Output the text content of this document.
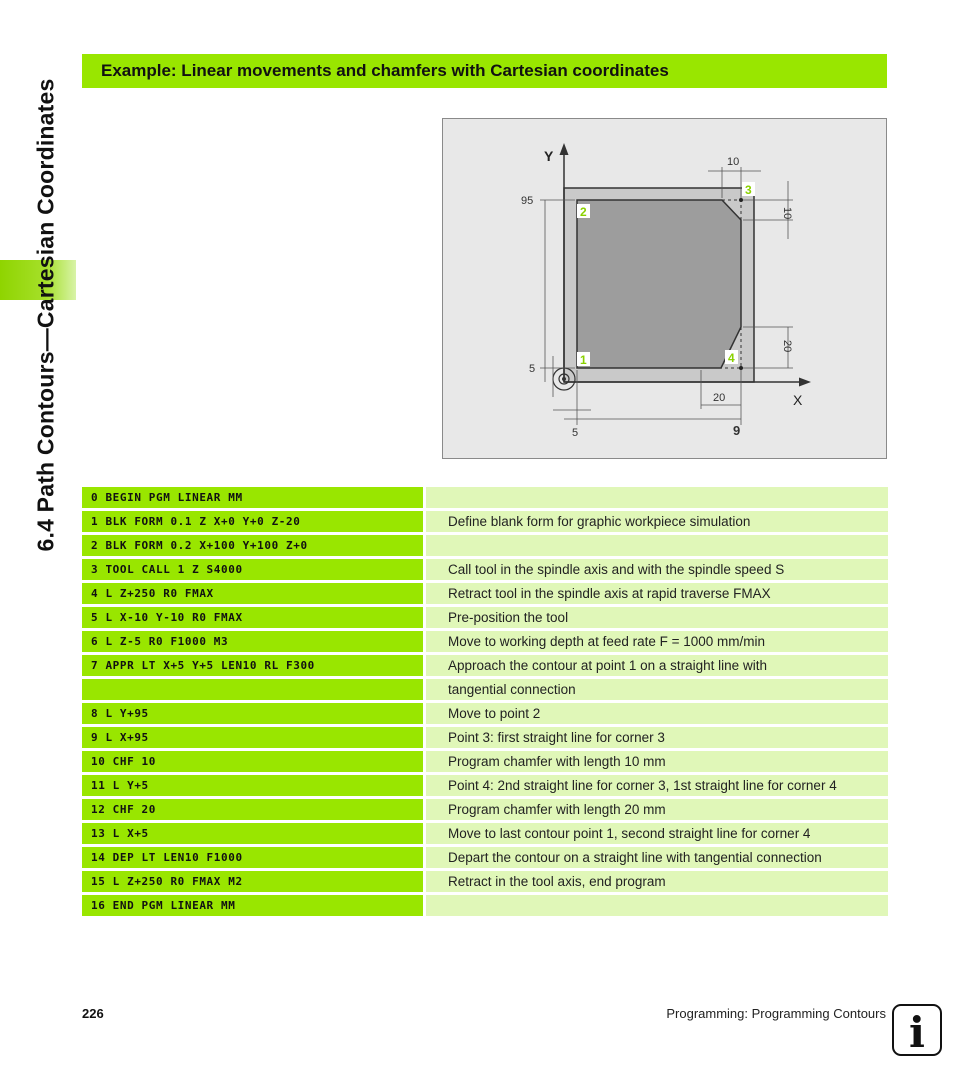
6.4 Path Contours—Cartesian Coordinates
Example: Linear movements and chamfers with Cartesian coordinates
10
10
20
20
95
5
5	9
Y
X
1
2
3
4
0 BEGIN PGM LINEAR MM	
1 BLK FORM 0.1 Z X+0 Y+0 Z-20	Define blank form for graphic workpiece simulation
2 BLK FORM 0.2 X+100 Y+100 Z+0	
3 TOOL CALL 1 Z S4000	Call tool in the spindle axis and with the spindle speed S
4 L Z+250 R0 FMAX	Retract tool in the spindle axis at rapid traverse FMAX
5 L X-10 Y-10 R0 FMAX	Pre-position the tool
6 L Z-5 R0 F1000 M3	Move to working depth at feed rate F = 1000 mm/min
7 APPR LT X+5 Y+5 LEN10 RL F300	Approach the contour at point 1 on a straight line with
	tangential connection
8 L Y+95	Move to point 2
9 L X+95	Point 3: first straight line for corner 3
10 CHF 10	Program chamfer with length 10 mm
11 L Y+5	Point 4: 2nd straight line for corner 3, 1st straight line for corner 4
12 CHF 20	Program chamfer with length 20 mm
13 L X+5	Move to last contour point 1, second straight line for corner 4
14 DEP LT LEN10 F1000	Depart the contour on a straight line with tangential connection
15 L Z+250 R0 FMAX M2	Retract in the tool axis, end program
16 END PGM LINEAR MM	
226	Programming: Programming Contours i
